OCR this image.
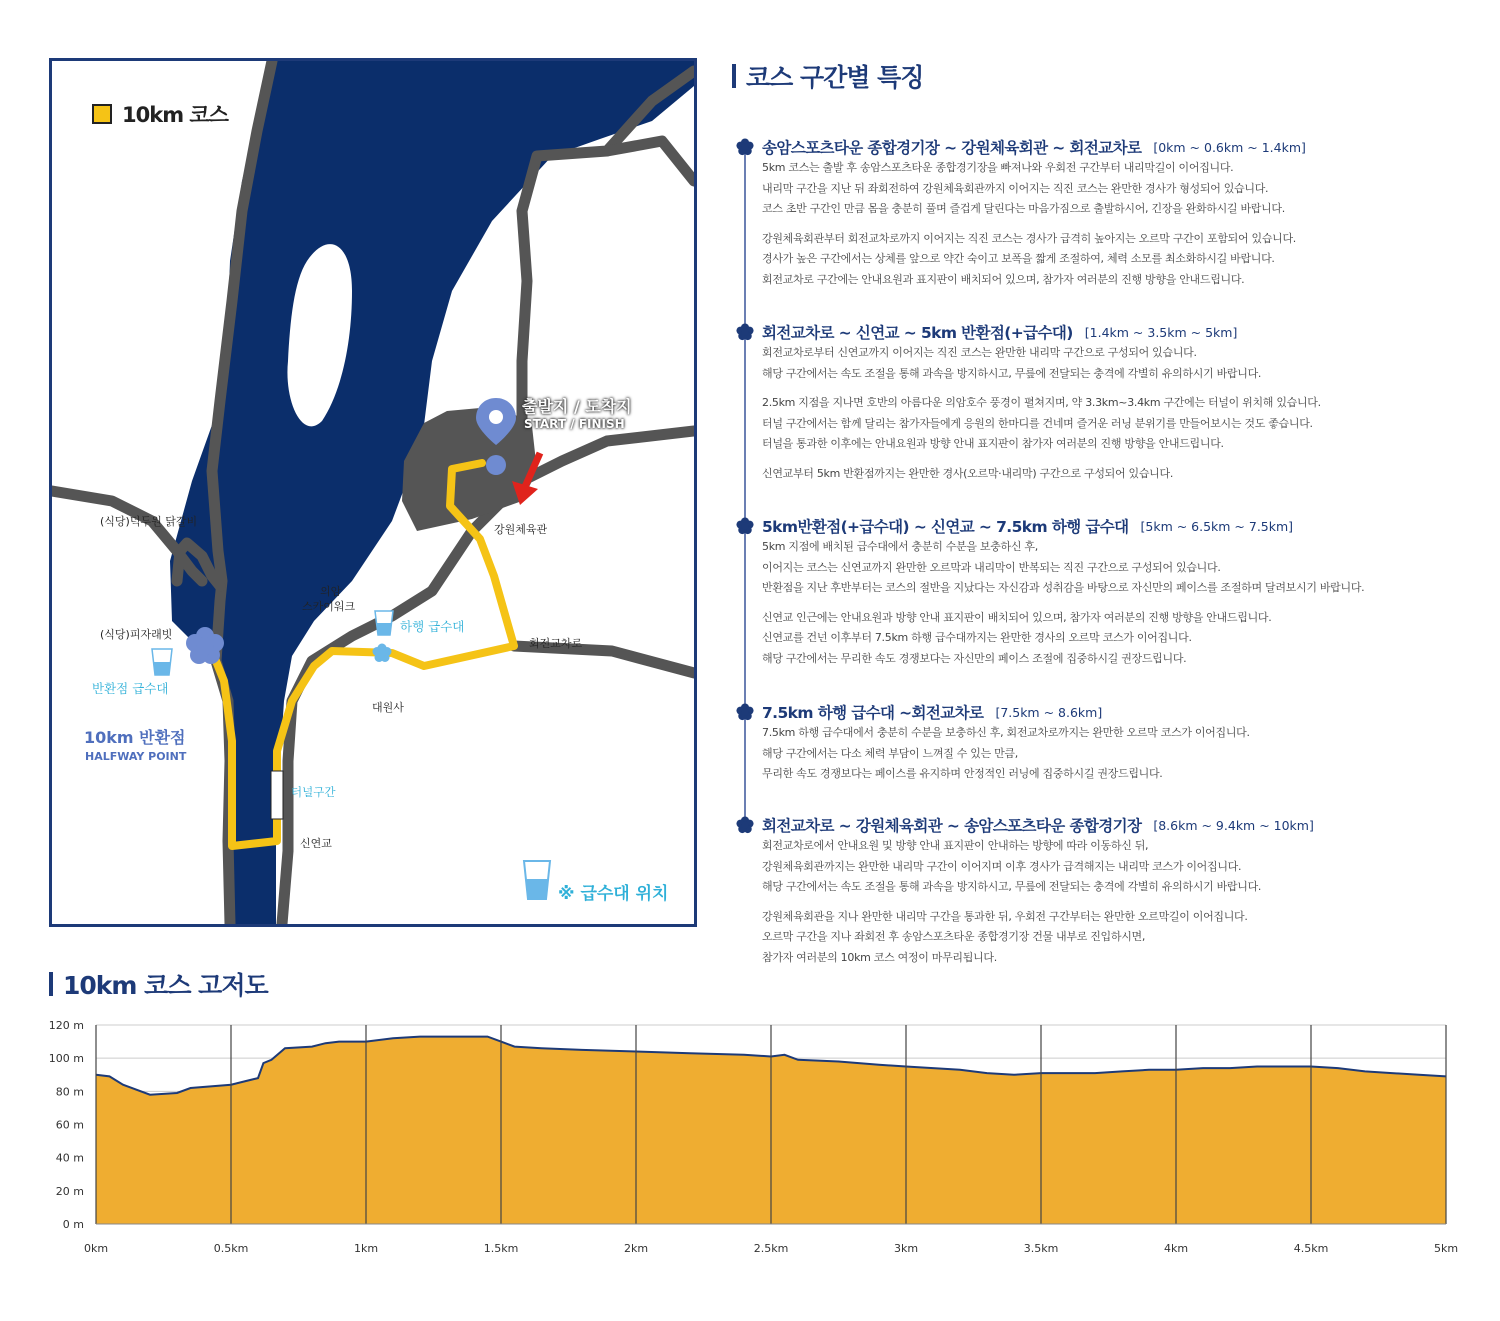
10km 코스
출발지 / 도착지
START / FINISH
(식당)덕두원 닭갈비
(식당)피자래빗
의암
스카이워크
강원체육관
회전교차로
대원사
신연교
터널구간
하행 급수대
반환점 급수대
10km 반환점
HALFWAY POINT
※ 급수대 위치
코스 구간별 특징
송암스포츠타운 종합경기장 ~ 강원체육회관 ~ 회전교차로 [0km ~ 0.6km ~ 1.4km]
5km 코스는 출발 후 송암스포츠타운 종합경기장을 빠져나와 우회전 구간부터 내리막길이 이어집니다.
내리막 구간을 지난 뒤 좌회전하여 강원체육회관까지 이어지는 직진 코스는 완만한 경사가 형성되어 있습니다.
코스 초반 구간인 만큼 몸을 충분히 풀며 즐겁게 달린다는 마음가짐으로 출발하시어, 긴장을 완화하시길 바랍니다.
강원체육회관부터 회전교차로까지 이어지는 직진 코스는 경사가 급격히 높아지는 오르막 구간이 포함되어 있습니다.
경사가 높은 구간에서는 상체를 앞으로 약간 숙이고 보폭을 짧게 조절하여, 체력 소모를 최소화하시길 바랍니다.
회전교차로 구간에는 안내요원과 표지판이 배치되어 있으며, 참가자 여러분의 진행 방향을 안내드립니다.
회전교차로 ~ 신연교 ~ 5km 반환점(+급수대) [1.4km ~ 3.5km ~ 5km]
회전교차로부터 신연교까지 이어지는 직진 코스는 완만한 내리막 구간으로 구성되어 있습니다.
해당 구간에서는 속도 조절을 통해 과속을 방지하시고, 무릎에 전달되는 충격에 각별히 유의하시기 바랍니다.
2.5km 지점을 지나면 호반의 아름다운 의암호수 풍경이 펼쳐지며, 약 3.3km~3.4km 구간에는 터널이 위치해 있습니다.
터널 구간에서는 함께 달리는 참가자들에게 응원의 한마디를 건네며 즐거운 러닝 분위기를 만들어보시는 것도 좋습니다.
터널을 통과한 이후에는 안내요원과 방향 안내 표지판이 참가자 여러분의 진행 방향을 안내드립니다.
신연교부터 5km 반환점까지는 완만한 경사(오르막·내리막) 구간으로 구성되어 있습니다.
5km반환점(+급수대) ~ 신연교 ~ 7.5km 하행 급수대 [5km ~ 6.5km ~ 7.5km]
5km 지점에 배치된 급수대에서 충분히 수분을 보충하신 후,
이어지는 코스는 신연교까지 완만한 오르막과 내리막이 반복되는 직진 구간으로 구성되어 있습니다.
반환점을 지난 후반부터는 코스의 절반을 지났다는 자신감과 성취감을 바탕으로 자신만의 페이스를 조절하며 달려보시기 바랍니다.
신연교 인근에는 안내요원과 방향 안내 표지판이 배치되어 있으며, 참가자 여러분의 진행 방향을 안내드립니다.
신연교를 건넌 이후부터 7.5km 하행 급수대까지는 완만한 경사의 오르막 코스가 이어집니다.
해당 구간에서는 무리한 속도 경쟁보다는 자신만의 페이스 조절에 집중하시길 권장드립니다.
7.5km 하행 급수대 ~회전교차로 [7.5km ~ 8.6km]
7.5km 하행 급수대에서 충분히 수분을 보충하신 후, 회전교차로까지는 완만한 오르막 코스가 이어집니다.
해당 구간에서는 다소 체력 부담이 느껴질 수 있는 만큼,
무리한 속도 경쟁보다는 페이스를 유지하며 안정적인 러닝에 집중하시길 권장드립니다.
회전교차로 ~ 강원체육회관 ~ 송암스포츠타운 종합경기장 [8.6km ~ 9.4km ~ 10km]
회전교차로에서 안내요원 및 방향 안내 표지판이 안내하는 방향에 따라 이동하신 뒤,
강원체육회관까지는 완만한 내리막 구간이 이어지며 이후 경사가 급격해지는 내리막 코스가 이어집니다.
해당 구간에서는 속도 조절을 통해 과속을 방지하시고, 무릎에 전달되는 충격에 각별히 유의하시기 바랍니다.
강원체육회관을 지나 완만한 내리막 구간을 통과한 뒤, 우회전 구간부터는 완만한 오르막길이 이어집니다.
오르막 구간을 지나 좌회전 후 송암스포츠타운 종합경기장 건물 내부로 진입하시면,
참가자 여러분의 10km 코스 여정이 마무리됩니다.
10km 코스 고저도
0 m
20 m
40 m
60 m
80 m
100 m
120 m
0km	0.5km	1km	1.5km	2km	2.5km	3km	3.5km	4km	4.5km	5km
